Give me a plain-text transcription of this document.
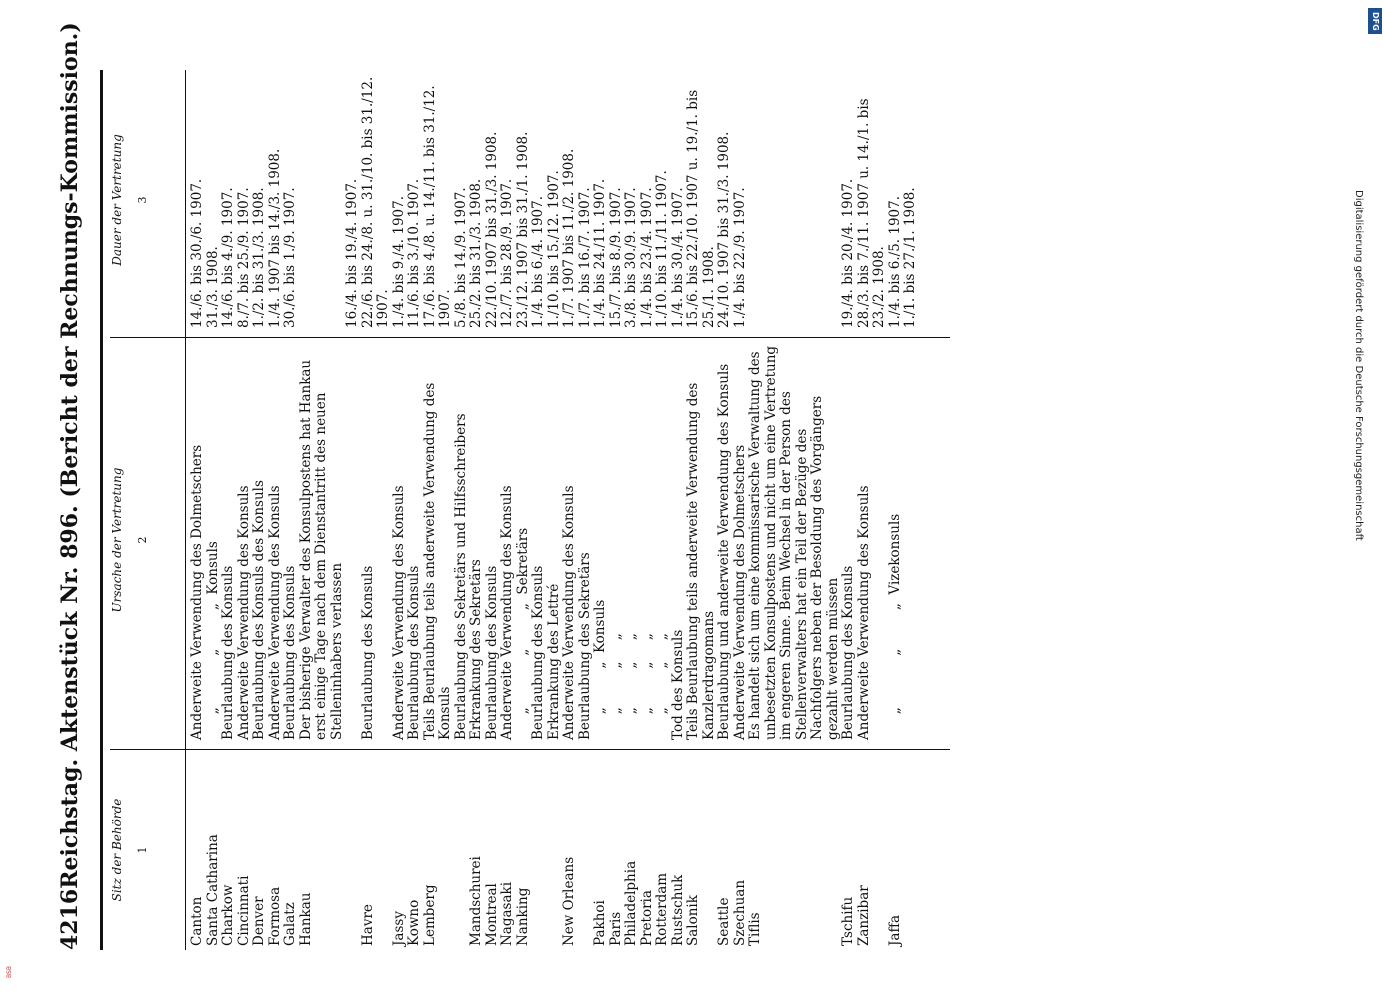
DFG
Digitalisierung gefördert durch die Deutsche Forschungsgemeinschaft
BSB
4216
Reichstag. Aktenstück Nr. 896. (Bericht der Rechnungs-Kommission.) Sitz der Behörde 1
Ursache der Vertretung 2
Dauer der Vertretung 3
Canton
Anderweite Verwendung des Dolmetschers
14./6. bis 30./6. 1907.
Santa Catharina
„            „         „  Konsuls
31./3. 1908.
Charkow
Beurlaubung des Konsuls
14./6. bis 4./9. 1907.
Cincinnati
Anderweite Verwendung des Konsuls
8./7. bis 25./9. 1907.
Denver
Beurlaubung des Konsuls des Konsuls
1./2. bis 31./3. 1908.
Formosa
Anderweite Verwendung des Konsuls
1./4. 1907 bis 14./3. 1908.
Galatz
Beurlaubung des Konsuls
30./6. bis 1./9. 1907.
Hankau
Der bisherige Verwalter des Konsulpostens hat Hankau erst einige Tage nach dem Dienstantritt des neuen Stelleninhabers verlassen
16./4. bis 19./4. 1907.
Havre
Beurlaubung des Konsuls
22./6. bis 24./8. u. 31./10. bis 31./12. 1907.
Jassy
Anderweite Verwendung des Konsuls
1./4. bis 9./4. 1907.
Kowno
Beurlaubung des Konsuls
11./6. bis 3./10. 1907.
Lemberg
Teils Beurlaubung teils anderweite Verwendung des Konsuls
17./6. bis 4./8. u. 14./11. bis 31./12. 1907.
Beurlaubung des Sekretärs und Hilfsschreibers
5./8. bis 14./9. 1907.
Mandschurei
Erkrankung des Sekretärs
25./2. bis 31./3. 1908.
Montreal
Beurlaubung des Konsuls
22./10. 1907 bis 31./3. 1908.
Nagasaki
Anderweite Verwendung des Konsuls
12./7. bis 28./9. 1907.
Nanking
„            „         „  Sekretärs
23./12. 1907 bis 31./1. 1908.
Beurlaubung des Konsuls
1./4. bis 6./4. 1907.
Erkrankung des Lettré
1./10. bis 15./12. 1907.
New Orleans
Anderweite Verwendung des Konsuls
1./7. 1907 bis 11./2. 1908.
Beurlaubung des Sekretärs
1./7. bis 16./7. 1907.
Pakhoi
„         „  Konsuls
1./4. bis 24./11. 1907.
Paris
„         „     „
15./7. bis 8./9. 1907.
Philadelphia
„         „     „
3./8. bis 30./9. 1907.
Pretoria
„         „     „
1./4. bis 23./4. 1907.
Rotterdam
„         „     „
1./10. bis 11./11. 1907.
Rustschuk
Tod des Konsuls
1./4. bis 30./4. 1907.
Salonik
Teils Beurlaubung teils anderweite Verwendung des Kanzlerdragomans
15./6. bis 22./10. 1907 u. 19./1. bis 25./1. 1908.
Seattle
Beurlaubung und anderweite Verwendung des Konsuls
24./10. 1907 bis 31./3. 1908.
Szechuan
Anderweite Verwendung des Dolmetschers
1./4. bis 22./9. 1907.
Tiflis
Es handelt sich um eine kommissarische Verwaltung des unbesetzten Konsulpostens und nicht um eine Vertretung im engeren Sinne. Beim Wechsel in der Person des Stellenverwalters hat ein Teil der Bezüge des Nachfolgers neben der Besoldung des Vorgängers gezahlt werden müssen
Tschifu
Beurlaubung des Konsuls
19./4. bis 20./4. 1907.
Zanzibar
Anderweite Verwendung des Konsuls
28./3. bis 7./11. 1907 u. 14./1. bis 23./2. 1908.
Jaffa
„            „         „  Vizekonsuls
1./4. bis 6./5. 1907. 1./1. bis 27./1. 1908.
